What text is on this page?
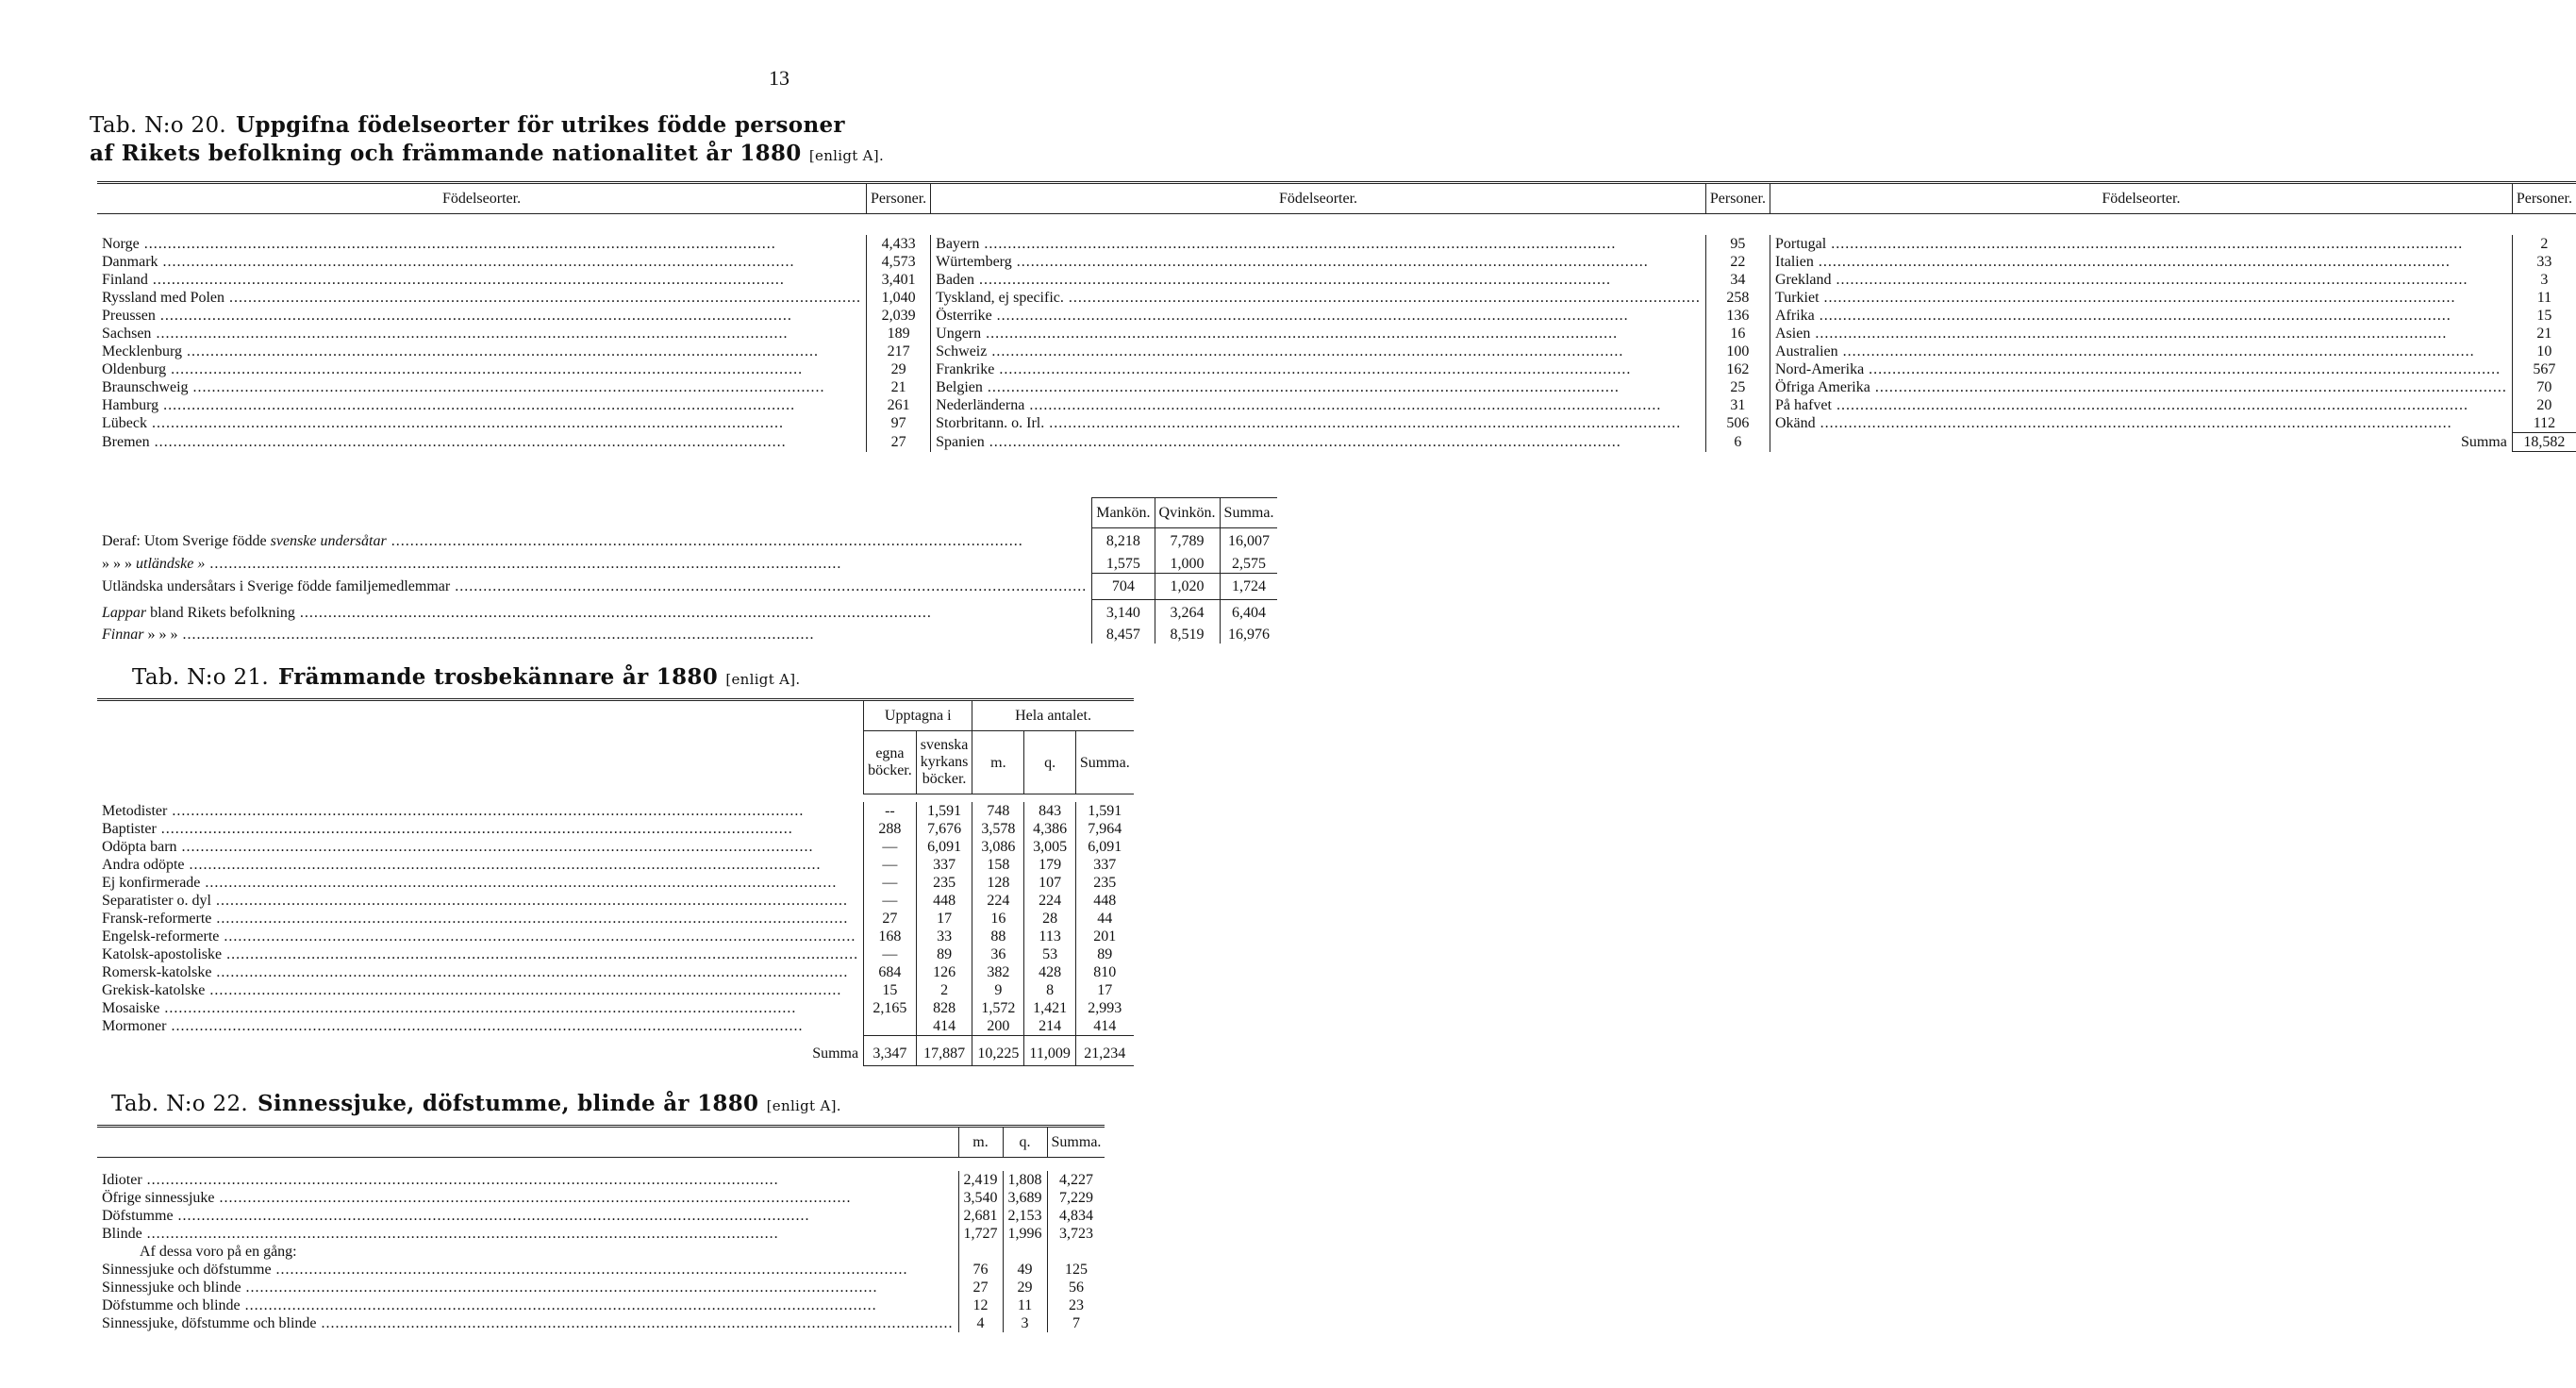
13
Tab. N:o 20. Uppgifna födelseorter för utrikes födde personer
af Rikets befolkning och främmande nationalitet år 1880 [enligt A].
Födelseorter.	Personer.	Födelseorter.	Personer.	Födelseorter.	Personer.

Norge .....	4,433	Bayern .....	95	Portugal .....	2
Danmark .....	4,573	Würtemberg .....	22	Italien .....	33
Finland .....	3,401	Baden .....	34	Grekland .....	3
Ryssland med Polen .....	1,040	Tyskland, ej specific. .....	258	Turkiet .....	11
Preussen .....	2,039	Österrike .....	136	Afrika .....	15
Sachsen .....	189	Ungern .....	16	Asien .....	21
Mecklenburg .....	217	Schweiz .....	100	Australien .....	10
Oldenburg .....	29	Frankrike .....	162	Nord-Amerika .....	567
Braunschweig .....	21	Belgien .....	25	Öfriga Amerika .....	70
Hamburg .....	261	Nederländerna .....	31	På hafvet .....	20
Lübeck .....	97	Storbritann. o. Irl. .....	506	Okänd .....	112
Bremen .....	27	Spanien .....	6	Summa	18,582
	Mankön.	Qvinkön.	Summa.
Deraf: Utom Sverige födde svenske undersåtar .....	8,218	7,789	16,007
» » » utländske » .....	1,575	1,000	2,575
Utländska undersåtars i Sverige födde familjemedlemmar .....	704	1,020	1,724
Lappar bland Rikets befolkning .....	3,140	3,264	6,404
Finnar » » » .....	8,457	8,519	16,976
Tab. N:o 21. Främmande trosbekännare år 1880 [enligt A].
	Upptagna i		Hela antalet.		
	egna böcker.	svenska kyrkans böcker.	m.	q.	Summa.

Metodister .....	--	1,591	748	843	1,591
Baptister .....	288	7,676	3,578	4,386	7,964
Odöpta barn .....	—	6,091	3,086	3,005	6,091
Andra odöpte .....	—	337	158	179	337
Ej konfirmerade .....	—	235	128	107	235
Separatister o. dyl .....	—	448	224	224	448
Fransk-reformerte .....	27	17	16	28	44
Engelsk-reformerte .....	168	33	88	113	201
Katolsk-apostoliske .....	—	89	36	53	89
Romersk-katolske .....	684	126	382	428	810
Grekisk-katolske .....	15	2	9	8	17
Mosaiske .....	2,165	828	1,572	1,421	2,993
Mormoner .....		414	200	214	414
Summa	3,347	17,887	10,225	11,009	21,234
Tab. N:o 22. Sinnessjuke, döfstumme, blinde år 1880 [enligt A].
	m.	q.	Summa.

Idioter .....	2,419	1,808	4,227
Öfrige sinnessjuke .....	3,540	3,689	7,229
Döfstumme .....	2,681	2,153	4,834
Blinde .....	1,727	1,996	3,723
Af dessa voro på en gång:			
Sinnessjuke och döfstumme .....	76	49	125
Sinnessjuke och blinde .....	27	29	56
Döfstumme och blinde .....	12	11	23
Sinnessjuke, döfstumme och blinde .....	4	3	7
